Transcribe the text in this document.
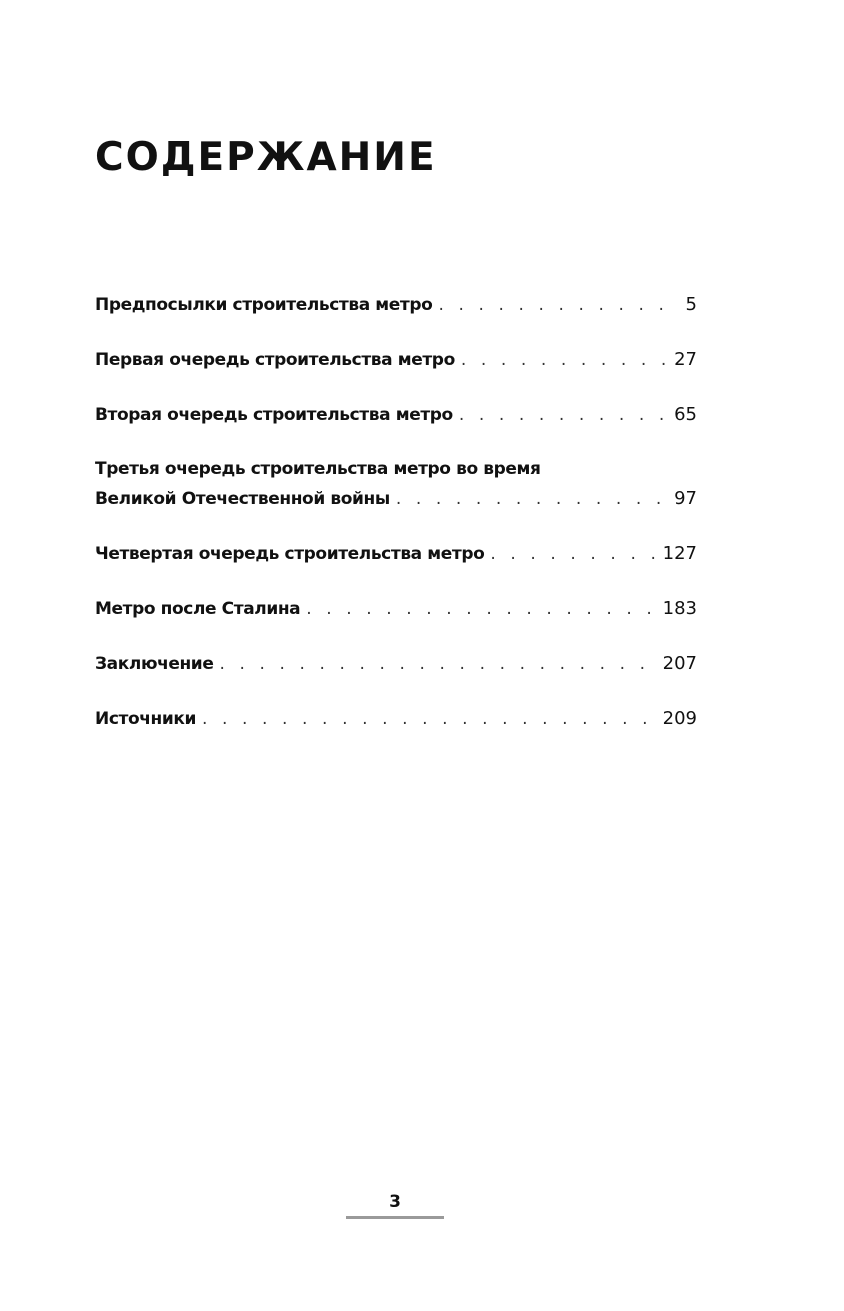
СОДЕРЖАНИЕ
Предпосылки строительства метро . . .	5
Первая очередь строительства метро . . .	27
Вторая очередь строительства метро . . .	65
Третья очередь строительства метро во время
Великой Отечественной войны . . .	97
Четвертая очередь строительства метро . . .	127
Метро после Сталина . . .	183
Заключение . . .	207
Источники . . .	209
3
